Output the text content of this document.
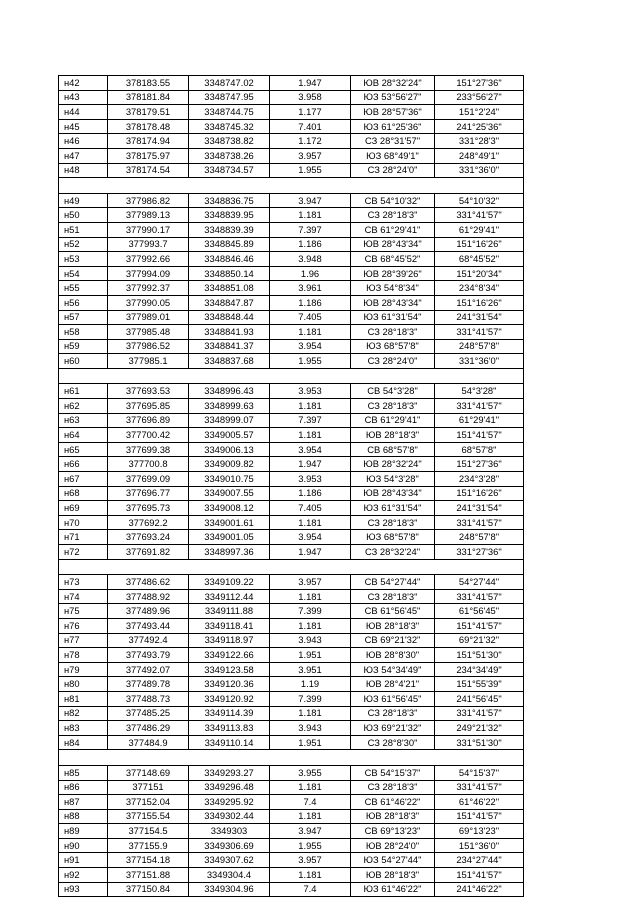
н42	378183.55	3348747.02	1.947	ЮВ 28°32'24"	151°27'36"
н43	378181.84	3348747.95	3.958	ЮЗ 53°56'27"	233°56'27"
н44	378179.51	3348744.75	1.177	ЮВ 28°57'36"	151°2'24"
н45	378178.48	3348745.32	7.401	ЮЗ 61°25'36"	241°25'36"
н46	378174.94	3348738.82	1.172	СЗ 28°31'57"	331°28'3"
н47	378175.97	3348738.26	3.957	ЮЗ 68°49'1"	248°49'1"
н48	378174.54	3348734.57	1.955	СЗ 28°24'0"	331°36'0"

н49	377986.82	3348836.75	3.947	СВ 54°10'32"	54°10'32"
н50	377989.13	3348839.95	1.181	СЗ 28°18'3"	331°41'57"
н51	377990.17	3348839.39	7.397	СВ 61°29'41"	61°29'41"
н52	377993.7	3348845.89	1.186	ЮВ 28°43'34"	151°16'26"
н53	377992.66	3348846.46	3.948	СВ 68°45'52"	68°45'52"
н54	377994.09	3348850.14	1.96	ЮВ 28°39'26"	151°20'34"
н55	377992.37	3348851.08	3.961	ЮЗ 54°8'34"	234°8'34"
н56	377990.05	3348847.87	1.186	ЮВ 28°43'34"	151°16'26"
н57	377989.01	3348848.44	7.405	ЮЗ 61°31'54"	241°31'54"
н58	377985.48	3348841.93	1.181	СЗ 28°18'3"	331°41'57"
н59	377986.52	3348841.37	3.954	ЮЗ 68°57'8"	248°57'8"
н60	377985.1	3348837.68	1.955	СЗ 28°24'0"	331°36'0"

н61	377693.53	3348996.43	3.953	СВ 54°3'28"	54°3'28"
н62	377695.85	3348999.63	1.181	СЗ 28°18'3"	331°41'57"
н63	377696.89	3348999.07	7.397	СВ 61°29'41"	61°29'41"
н64	377700.42	3349005.57	1.181	ЮВ 28°18'3"	151°41'57"
н65	377699.38	3349006.13	3.954	СВ 68°57'8"	68°57'8"
н66	377700.8	3349009.82	1.947	ЮВ 28°32'24"	151°27'36"
н67	377699.09	3349010.75	3.953	ЮЗ 54°3'28"	234°3'28"
н68	377696.77	3349007.55	1.186	ЮВ 28°43'34"	151°16'26"
н69	377695.73	3349008.12	7.405	ЮЗ 61°31'54"	241°31'54"
н70	377692.2	3349001.61	1.181	СЗ 28°18'3"	331°41'57"
н71	377693.24	3349001.05	3.954	ЮЗ 68°57'8"	248°57'8"
н72	377691.82	3348997.36	1.947	СЗ 28°32'24"	331°27'36"

н73	377486.62	3349109.22	3.957	СВ 54°27'44"	54°27'44"
н74	377488.92	3349112.44	1.181	СЗ 28°18'3"	331°41'57"
н75	377489.96	3349111.88	7.399	СВ 61°56'45"	61°56'45"
н76	377493.44	3349118.41	1.181	ЮВ 28°18'3"	151°41'57"
н77	377492.4	3349118.97	3.943	СВ 69°21'32"	69°21'32"
н78	377493.79	3349122.66	1.951	ЮВ 28°8'30"	151°51'30"
н79	377492.07	3349123.58	3.951	ЮЗ 54°34'49"	234°34'49"
н80	377489.78	3349120.36	1.19	ЮВ 28°4'21"	151°55'39"
н81	377488.73	3349120.92	7.399	ЮЗ 61°56'45"	241°56'45"
н82	377485.25	3349114.39	1.181	СЗ 28°18'3"	331°41'57"
н83	377486.29	3349113.83	3.943	ЮЗ 69°21'32"	249°21'32"
н84	377484.9	3349110.14	1.951	СЗ 28°8'30"	331°51'30"

н85	377148.69	3349293.27	3.955	СВ 54°15'37"	54°15'37"
н86	377151	3349296.48	1.181	СЗ 28°18'3"	331°41'57"
н87	377152.04	3349295.92	7.4	СВ 61°46'22"	61°46'22"
н88	377155.54	3349302.44	1.181	ЮВ 28°18'3"	151°41'57"
н89	377154.5	3349303	3.947	СВ 69°13'23"	69°13'23"
н90	377155.9	3349306.69	1.955	ЮВ 28°24'0"	151°36'0"
н91	377154.18	3349307.62	3.957	ЮЗ 54°27'44"	234°27'44"
н92	377151.88	3349304.4	1.181	ЮВ 28°18'3"	151°41'57"
н93	377150.84	3349304.96	7.4	ЮЗ 61°46'22"	241°46'22"
